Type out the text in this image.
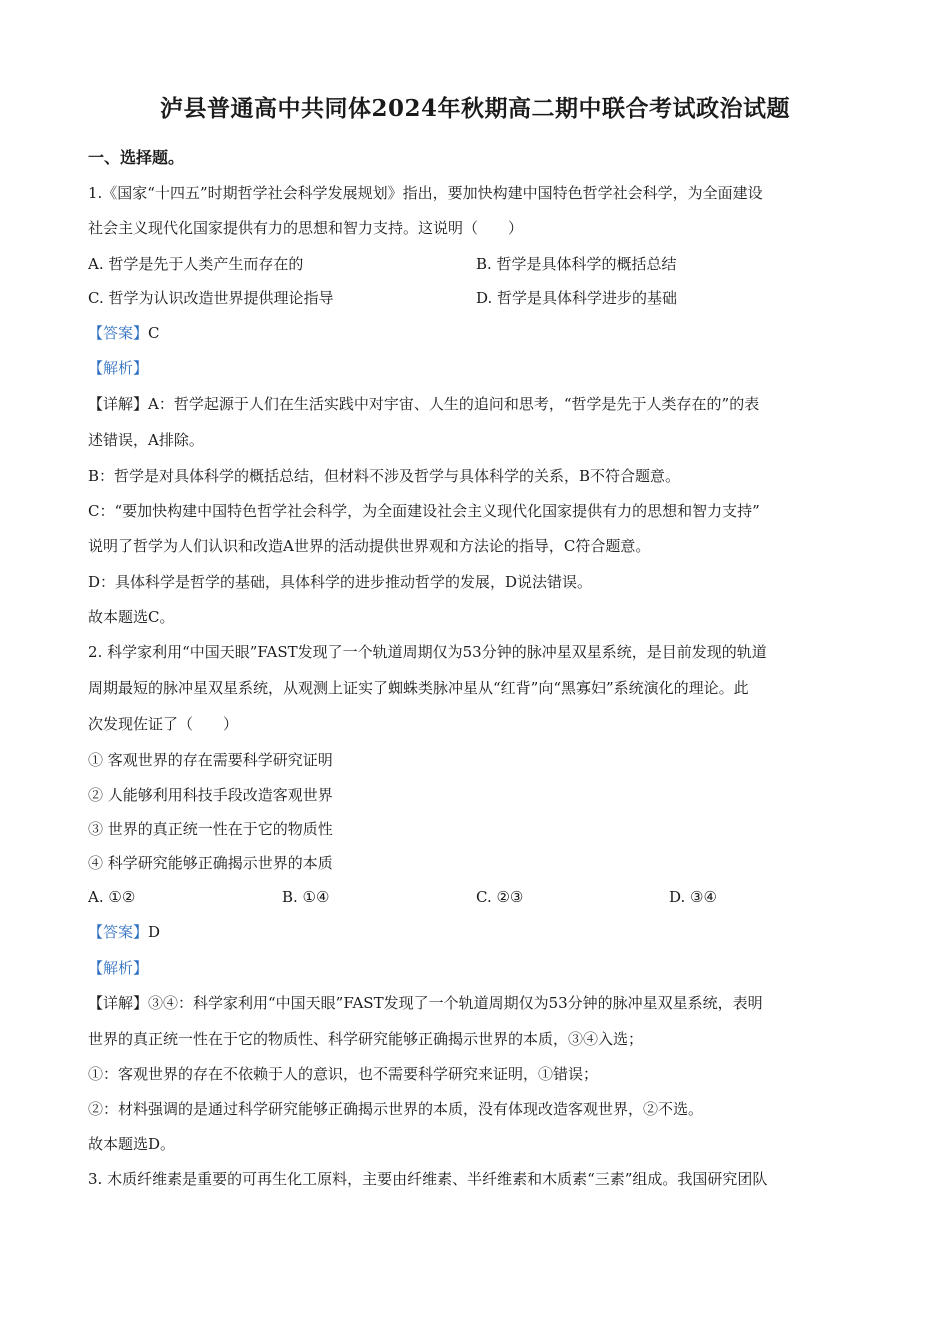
泸县普通高中共同体2024年秋期高二期中联合考试政治试题
一、选择题。
1.《国家“十四五”时期哲学社会科学发展规划》指出，要加快构建中国特色哲学社会科学，为全面建设
社会主义现代化国家提供有力的思想和智力支持。这说明（　　）
A. 哲学是先于人类产生而存在的	B. 哲学是具体科学的概括总结
C. 哲学为认识改造世界提供理论指导	D. 哲学是具体科学进步的基础
【答案】C
【解析】
【详解】A：哲学起源于人们在生活实践中对宇宙、人生的追问和思考，“哲学是先于人类存在的”的表
述错误，A排除。
B：哲学是对具体科学的概括总结，但材料不涉及哲学与具体科学的关系，B不符合题意。
C：“要加快构建中国特色哲学社会科学，为全面建设社会主义现代化国家提供有力的思想和智力支持”
说明了哲学为人们认识和改造A世界的活动提供世界观和方法论的指导，C符合题意。
D：具体科学是哲学的基础，具体科学的进步推动哲学的发展，D说法错误。
故本题选C。
2. 科学家利用“中国天眼”FAST发现了一个轨道周期仅为53分钟的脉冲星双星系统，是目前发现的轨道
周期最短的脉冲星双星系统，从观测上证实了蜘蛛类脉冲星从“红背”向“黑寡妇”系统演化的理论。此
次发现佐证了（　　）
① 客观世界的存在需要科学研究证明
② 人能够利用科技手段改造客观世界
③ 世界的真正统一性在于它的物质性
④ 科学研究能够正确揭示世界的本质
A. ①②	B. ①④	C. ②③	D. ③④
【答案】D
【解析】
【详解】③④：科学家利用“中国天眼”FAST发现了一个轨道周期仅为53分钟的脉冲星双星系统，表明
世界的真正统一性在于它的物质性、科学研究能够正确揭示世界的本质，③④入选；
①：客观世界的存在不依赖于人的意识，也不需要科学研究来证明，①错误；
②：材料强调的是通过科学研究能够正确揭示世界的本质，没有体现改造客观世界，②不选。
故本题选D。
3. 木质纤维素是重要的可再生化工原料，主要由纤维素、半纤维素和木质素“三素”组成。我国研究团队
